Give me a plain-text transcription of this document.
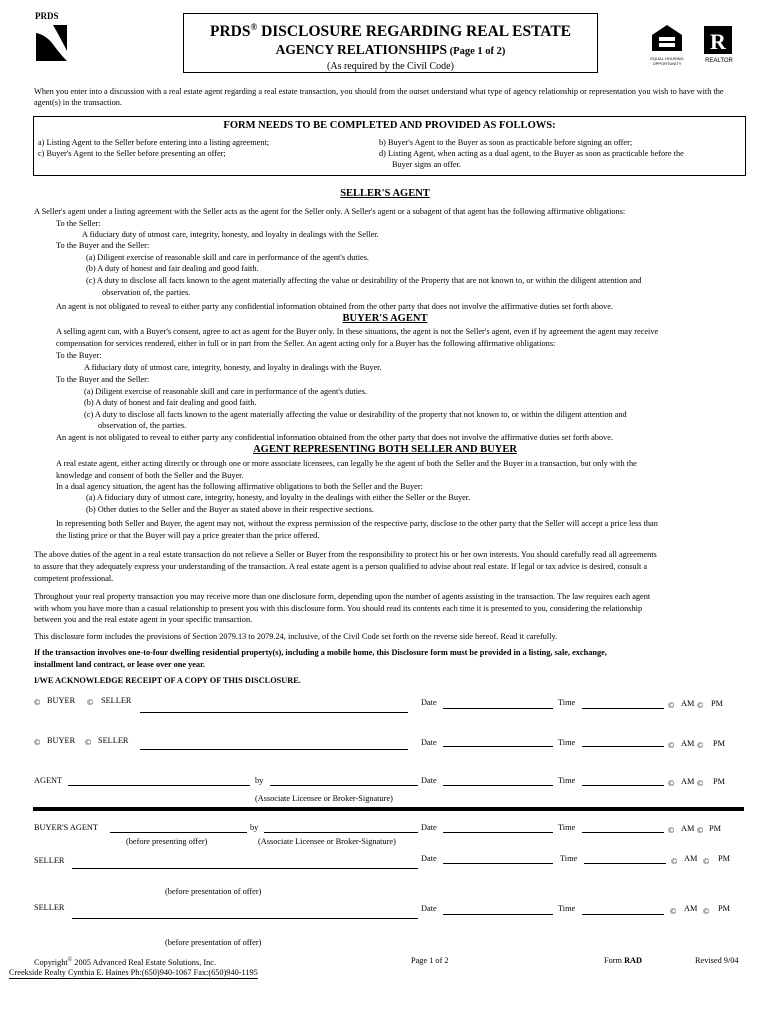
PRDS
PRDS® DISCLOSURE REGARDING REAL ESTATE
AGENCY RELATIONSHIPS (Page 1 of 2)
(As required by the Civil Code)
EQUAL HOUSING OPPORTUNITY
R
REALTOR
When you enter into a discussion with a real estate agent regarding a real estate transaction, you should from the outset understand what type of agency relationship or representation you wish to have with the agent(s) in the transaction.
FORM NEEDS TO BE COMPLETED AND PROVIDED AS FOLLOWS:
a) Listing Agent to the Seller before entering into a listing agreement;	b) Buyer's Agent to the Buyer as soon as practicable before signing an offer;
c) Buyer's Agent to the Seller before presenting an offer;	d) Listing Agent, when acting as a dual agent, to the Buyer as soon as practicable before the
Buyer signs an offer.
SELLER'S AGENT
A Seller's agent under a listing agreement with the Seller acts as the agent for the Seller only. A Seller's agent or a subagent of that agent has the following affirmative obligations:
To the Seller:
A fiduciary duty of utmost care, integrity, honesty, and loyalty in dealings with the Seller.
To the Buyer and the Seller:
(a) Diligent exercise of reasonable skill and care in performance of the agent's duties.
(b) A duty of honest and fair dealing and good faith.
(c) A duty to disclose all facts known to the agent materially affecting the value or desirability of the Property that are not known to, or within the diligent attention and
observation of, the parties.
An agent is not obligated to reveal to either party any confidential information obtained from the other party that does not involve the affirmative duties set forth above.
BUYER'S AGENT
A selling agent can, with a Buyer's consent, agree to act as agent for the Buyer only. In these situations, the agent is not the Seller's agent, even if by agreement the agent may receive
compensation for services rendered, either in full or in part from the Seller. An agent acting only for a Buyer has the following affirmative obligations:
To the Buyer:
A fiduciary duty of utmost care, integrity, honesty, and loyalty in dealings with the Buyer.
To the Buyer and the Seller:
(a) Diligent exercise of reasonable skill and care in performance of the agent's duties.
(b) A duty of honest and fair dealing and good faith.
(c) A duty to disclose all facts known to the agent materially affecting the value or desirability of the property that not known to, or within the diligent attention and
observation of, the parties.
An agent is not obligated to reveal to either party any confidential information obtained from the other party that does not involve the affirmative duties set forth above.
AGENT REPRESENTING BOTH SELLER AND BUYER
A real estate agent, either acting directly or through one or more associate licensees, can legally be the agent of both the Seller and the Buyer in a transaction, but only with the
knowledge and consent of both the Seller and the Buyer.
In a dual agency situation, the agent has the following affirmative obligations to both the Seller and the Buyer:
(a) A fiduciary duty of utmost care, integrity, honesty, and loyalty in the dealings with either the Seller or the Buyer.
(b) Other duties to the Seller and the Buyer as stated above in their respective sections.
In representing both Seller and Buyer, the agent may not, without the express permission of the respective party, disclose to the other party that the Seller will accept a price less than
the listing price or that the Buyer will pay a price greater than the price offered.
The above duties of the agent in a real estate transaction do not relieve a Seller or Buyer from the responsibility to protect his or her own interests. You should carefully read all agreements
to assure that they adequately express your understanding of the transaction. A real estate agent is a person qualified to advise about real estate. If legal or tax advice is desired, consult a
competent professional.
Throughout your real property transaction you may receive more than one disclosure form, depending upon the number of agents assisting in the transaction. The law requires each agent
with whom you have more than a casual relationship to present you with this disclosure form. You should read its contents each time it is presented to you, considering the relationship
between you and the real estate agent in your specific transaction.
This disclosure form includes the provisions of Section 2079.13 to 2079.24, inclusive, of the Civil Code set forth on the reverse side hereof. Read it carefully.
If the transaction involves one-to-four dwelling residential property(s), including a mobile home, this Disclosure form must be provided in a listing, sale, exchange,
installment land contract, or lease over one year.
I/WE ACKNOWLEDGE RECEIPT OF A COPY OF THIS DISCLOSURE.
© BUYER © SELLER	Date	Time	© AM © PM
© BUYER © SELLER	Date	Time	© AM © PM
AGENT	by	Date	Time	© AM © PM
(Associate Licensee or Broker-Signature)
BUYER'S AGENT	by	Date	Time	© AM © PM
(before presenting offer)	(Associate Licensee or Broker-Signature)
SELLER	Date	Time	© AM © PM
(before presentation of offer)
SELLER	Date	Time	© AM © PM
(before presentation of offer)
Copyright© 2005 Advanced Real Estate Solutions, Inc.	Page 1 of 2	Form RAD	Revised 9/04
Creekside Realty Cynthia E. Haines Ph:(650)940-1067 Fax:(650)940-1195
